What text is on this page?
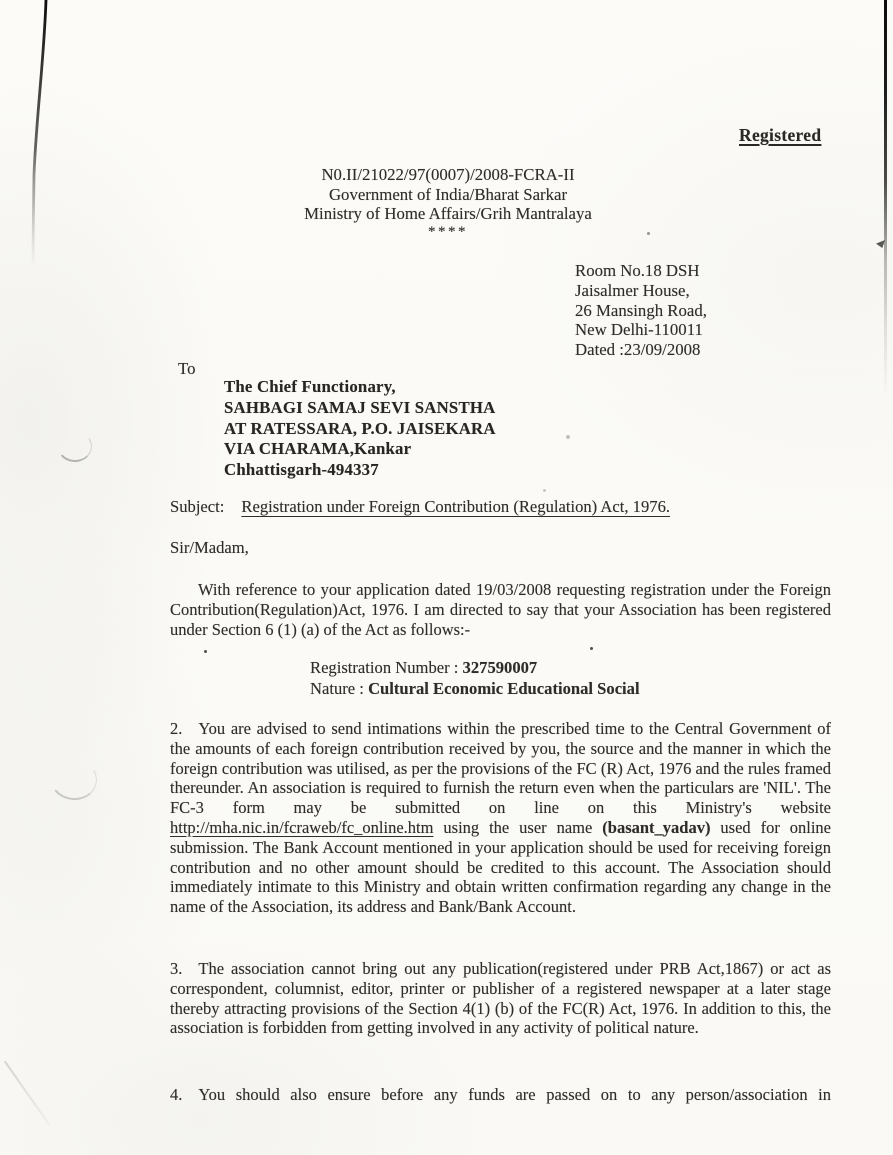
Registered
N0.II/21022/97(0007)/2008-FCRA-II
Government of India/Bharat Sarkar
Ministry of Home Affairs/Grih Mantralaya
****
Room No.18 DSH
Jaisalmer House,
26 Mansingh Road,
New Delhi-110011
Dated :23/09/2008
To
The Chief Functionary,
SAHBAGI SAMAJ SEVI SANSTHA
AT RATESSARA, P.O. JAISEKARA
VIA CHARAMA,Kankar
Chhattisgarh-494337
Subject: Registration under Foreign Contribution (Regulation) Act, 1976.
Sir/Madam,

With reference to your application dated 19/03/2008 requesting registration under the Foreign Contribution(Regulation)Act, 1976. I am directed to say that your Association has been registered under Section 6 (1) (a) of the Act as follows:-

Registration Number : 327590007
Nature : Cultural Economic Educational Social

2. You are advised to send intimations within the prescribed time to the Central Government of the amounts of each foreign contribution received by you, the source and the manner in which the foreign contribution was utilised, as per the provisions of the FC (R) Act, 1976 and the rules framed thereunder. An association is required to furnish the return even when the particulars are 'NIL'. The FC-3 form may be submitted on line on this Ministry's website http://mha.nic.in/fcraweb/fc_online.htm using the user name (basant_yadav) used for online submission. The Bank Account mentioned in your application should be used for receiving foreign contribution and no other amount should be credited to this account. The Association should immediately intimate to this Ministry and obtain written confirmation regarding any change in the name of the Association, its address and Bank/Bank Account.

3. The association cannot bring out any publication(registered under PRB Act,1867) or act as correspondent, columnist, editor, printer or publisher of a registered newspaper at a later stage thereby attracting provisions of the Section 4(1) (b) of the FC(R) Act, 1976. In addition to this, the association is forbidden from getting involved in any activity of political nature.

4. You should also ensure before any funds are passed on to any person/association in
